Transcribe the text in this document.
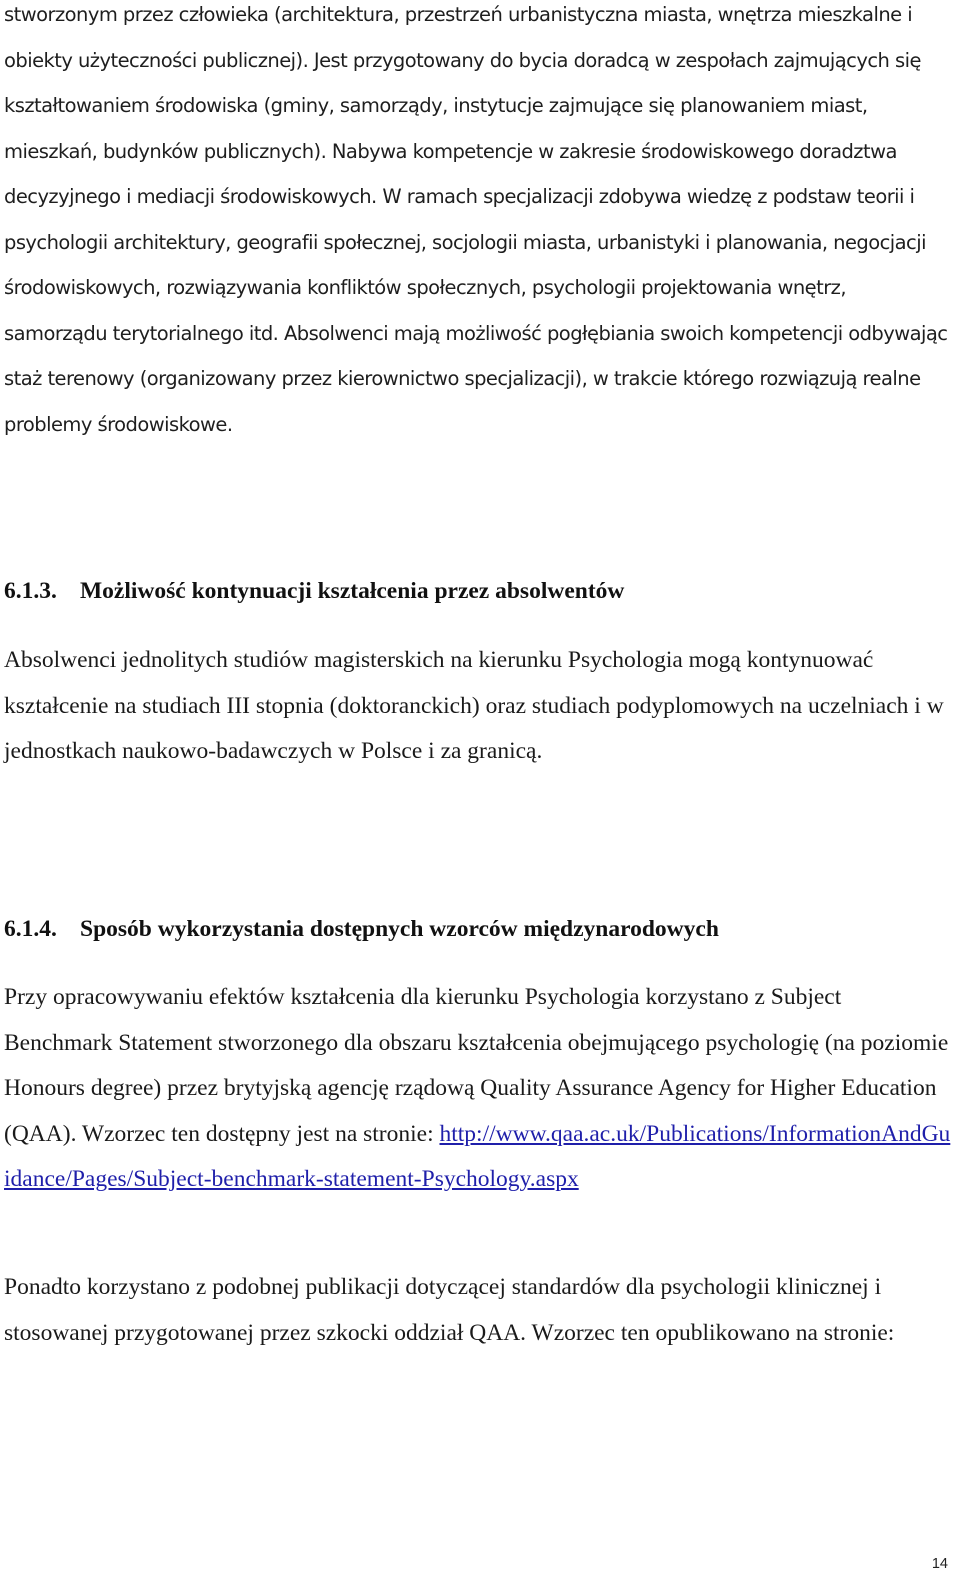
stworzonym przez człowieka (architektura, przestrzeń urbanistyczna miasta, wnętrza mieszkalne i obiekty użyteczności publicznej). Jest przygotowany do bycia doradcą w zespołach zajmujących się kształtowaniem środowiska (gminy, samorządy, instytucje zajmujące się planowaniem miast, mieszkań, budynków publicznych). Nabywa kompetencje w zakresie środowiskowego doradztwa decyzyjnego i mediacji środowiskowych. W ramach specjalizacji zdobywa wiedzę z podstaw teorii i psychologii architektury, geografii społecznej, socjologii miasta, urbanistyki i planowania, negocjacji środowiskowych, rozwiązywania konfliktów społecznych, psychologii projektowania wnętrz, samorządu terytorialnego itd. Absolwenci mają możliwość pogłębiania swoich kompetencji odbywając staż terenowy (organizowany przez kierownictwo specjalizacji), w trakcie którego rozwiązują realne problemy środowiskowe.

6.1.3. Możliwość kontynuacji kształcenia przez absolwentów
Absolwenci jednolitych studiów magisterskich na kierunku Psychologia mogą kontynuować kształcenie na studiach III stopnia (doktoranckich) oraz studiach podyplomowych na uczelniach i w jednostkach naukowo-badawczych w Polsce i za granicą.
6.1.4. Sposób wykorzystania dostępnych wzorców międzynarodowych
Przy opracowywaniu efektów kształcenia dla kierunku Psychologia korzystano z Subject Benchmark Statement stworzonego dla obszaru kształcenia obejmującego psychologię (na poziomie Honours degree) przez brytyjską agencję rządową Quality Assurance Agency for Higher Education (QAA). Wzorzec ten dostępny jest na stronie: http://www.qaa.ac.uk/Publications/InformationAndGuidance/Pages/Subject-benchmark-statement-Psychology.aspx
Ponadto korzystano z podobnej publikacji dotyczącej standardów dla psychologii klinicznej i stosowanej przygotowanej przez szkocki oddział QAA. Wzorzec ten opublikowano na stronie:
14
